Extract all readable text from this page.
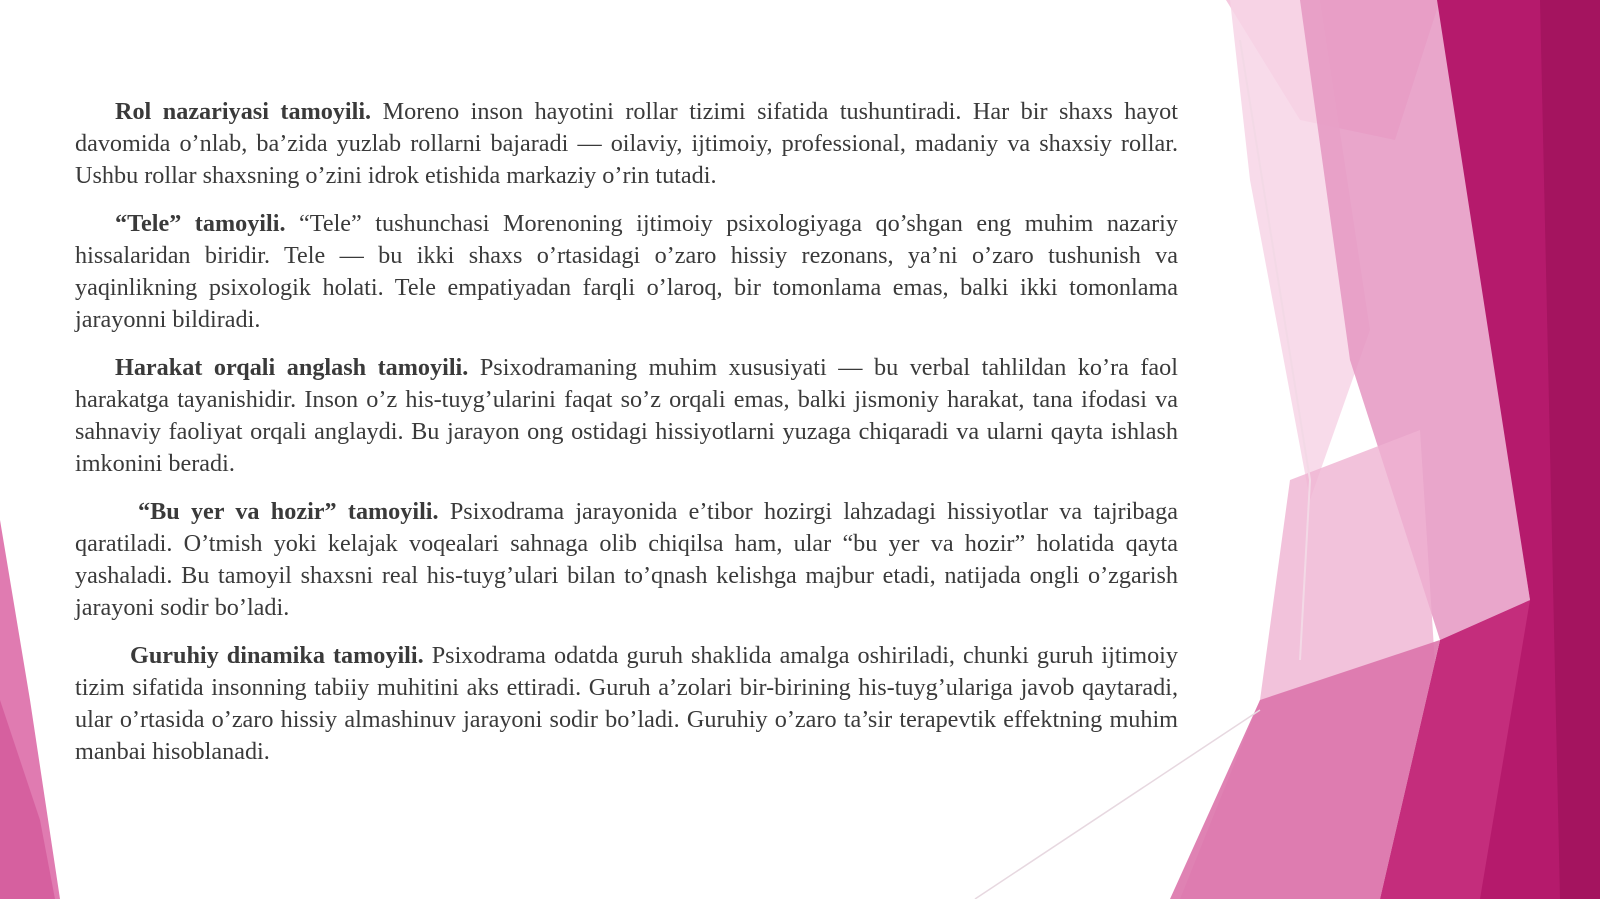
Rol nazariyasi tamoyili. Moreno inson hayotini rollar tizimi sifatida tushuntiradi. Har bir shaxs hayot davomida o’nlab, ba’zida yuzlab rollarni bajaradi — oilaviy, ijtimoiy, professional, madaniy va shaxsiy rollar. Ushbu rollar shaxsning o’zini idrok etishida markaziy o’rin tutadi.

“Tele” tamoyili. “Tele” tushunchasi Morenoning ijtimoiy psixologiyaga qo’shgan eng muhim nazariy hissalaridan biridir. Tele — bu ikki shaxs o’rtasidagi o’zaro hissiy rezonans, ya’ni o’zaro tushunish va yaqinlikning psixologik holati. Tele empatiyadan farqli o’laroq, bir tomonlama emas, balki ikki tomonlama jarayonni bildiradi.

Harakat orqali anglash tamoyili. Psixodramaning muhim xususiyati — bu verbal tahlildan ko’ra faol harakatga tayanishidir. Inson o’z his-tuyg’ularini faqat so’z orqali emas, balki jismoniy harakat, tana ifodasi va sahnaviy faoliyat orqali anglaydi. Bu jarayon ong ostidagi hissiyotlarni yuzaga chiqaradi va ularni qayta ishlash imkonini beradi.

“Bu yer va hozir” tamoyili. Psixodrama jarayonida e’tibor hozirgi lahzadagi hissiyotlar va tajribaga qaratiladi. O’tmish yoki kelajak voqealari sahnaga olib chiqilsa ham, ular “bu yer va hozir” holatida qayta yashaladi. Bu tamoyil shaxsni real his-tuyg’ulari bilan to’qnash kelishga majbur etadi, natijada ongli o’zgarish jarayoni sodir bo’ladi.

Guruhiy dinamika tamoyili. Psixodrama odatda guruh shaklida amalga oshiriladi, chunki guruh ijtimoiy tizim sifatida insonning tabiiy muhitini aks ettiradi. Guruh a’zolari bir-birining his-tuyg’ulariga javob qaytaradi, ular o’rtasida o’zaro hissiy almashinuv jarayoni sodir bo’ladi. Guruhiy o’zaro ta’sir terapevtik effektning muhim manbai hisoblanadi.
